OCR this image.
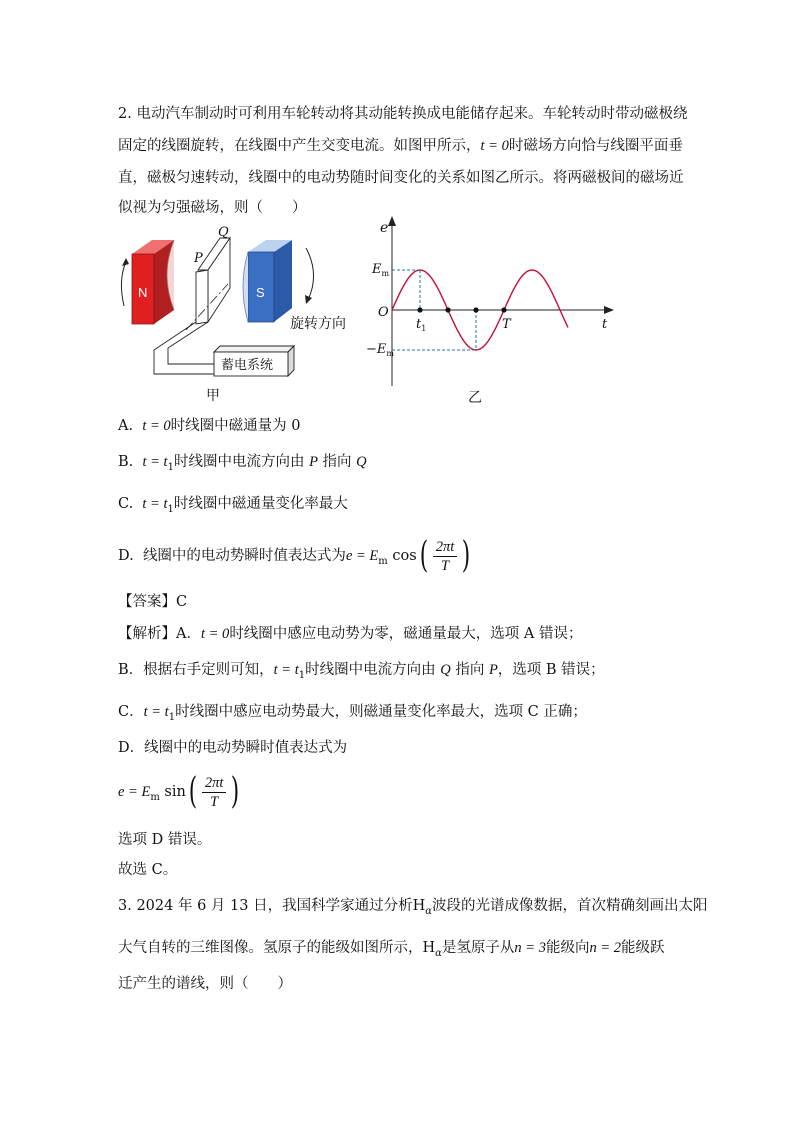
2. 电动汽车制动时可利用车轮转动将其动能转换成电能储存起来。车轮转动时带动磁极绕
固定的线圈旋转，在线圈中产生交变电流。如图甲所示，t = 0时磁场方向恰与线圈平面垂
直，磁极匀速转动，线圈中的电动势随时间变化的关系如图乙所示。将两磁极间的磁场近
似视为匀强磁场，则（　　）
N	S
旋转方向
Q
P
蓄电系统
甲
e
$E_m$
$-E_m$
O
$t_1$	T	t
乙
A. t = 0时线圈中磁通量为 0
B. $t = t_1$时线圈中电流方向由 P 指向 Q
C. $t = t_1$时线圈中磁通量变化率最大
D. 线圈中的电动势瞬时值表达式为$e = E_m$ $\cos( \frac{2\pi t}{T}$ )
【答案】C
【解析】A．t = 0时线圈中感应电动势为零，磁通量最大，选项 A 错误；
B．根据右手定则可知，$t = t_1$时线圈中电流方向由 Q 指向 P，选项 B 错误；
C．$t = t_1$时线圈中感应电动势最大，则磁通量变化率最大，选项 C 正确；
D．线圈中的电动势瞬时值表达式为
$e = E_m$ $\sin( \frac{2\pi t}{T}$ )
选项 D 错误。
故选 C。
3. 2024 年 6 月 13 日，我国科学家通过分析$H_\alpha$波段的光谱成像数据，首次精确刻画出太阳
大气自转的三维图像。氢原子的能级如图所示，$H_\alpha$是氢原子从n = 3能级向n = 2能级跃
迁产生的谱线，则（　　）
